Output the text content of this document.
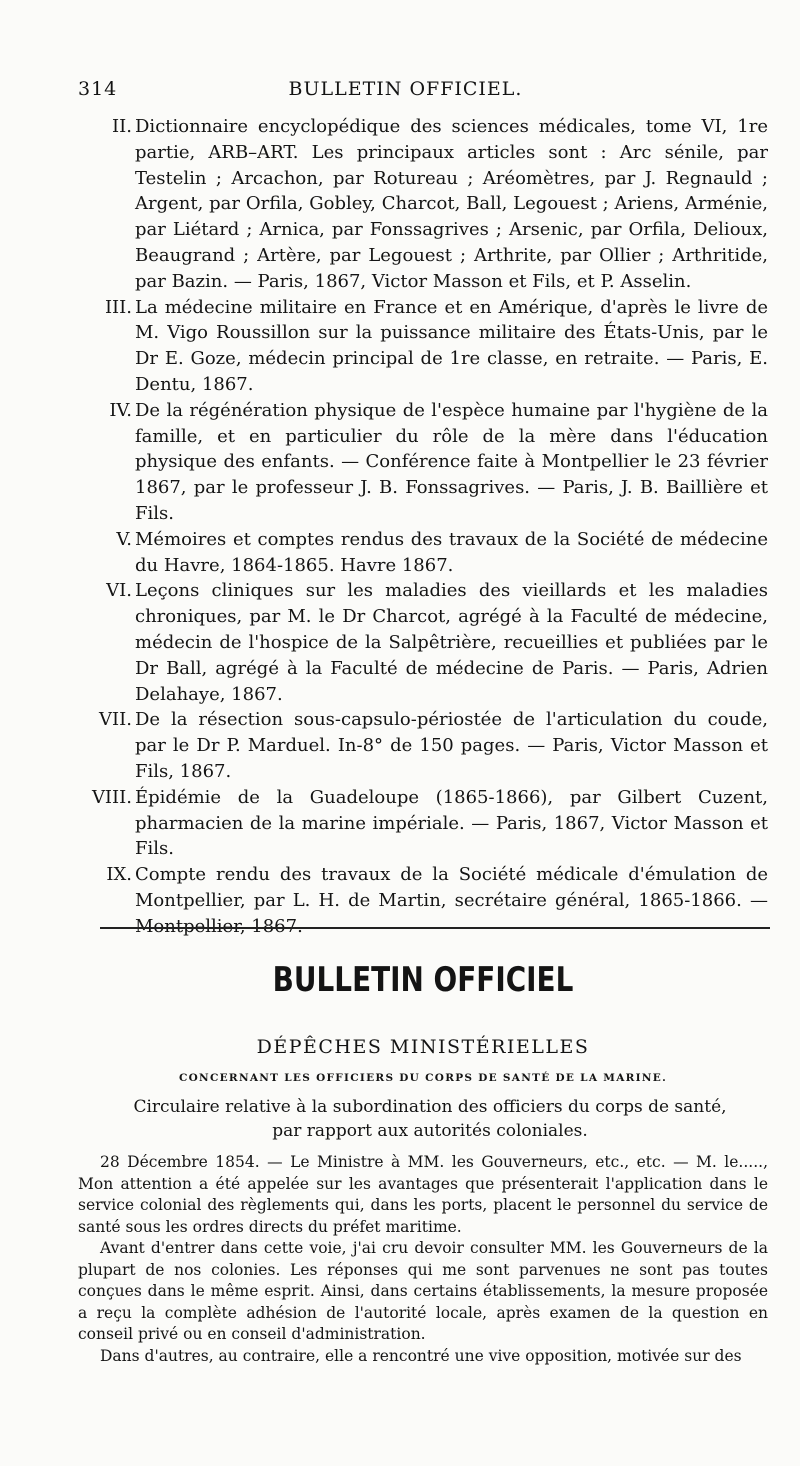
314	BULLETIN OFFICIEL.

II. Dictionnaire encyclopédique des sciences médicales, tome VI, 1re partie, ARB–ART. Les principaux articles sont : Arc sénile, par Testelin ; Arcachon, par Rotureau ; Aréomètres, par J. Regnauld ; Argent, par Orfila, Gobley, Charcot, Ball, Legouest ; Ariens, Arménie, par Liétard ; Arnica, par Fonssagrives ; Arsenic, par Orfila, Delioux, Beaugrand ; Artère, par Legouest ; Arthrite, par Ollier ; Arthritide, par Bazin. — Paris, 1867, Victor Masson et Fils, et P. Asselin.

III. La médecine militaire en France et en Amérique, d'après le livre de M. Vigo Roussillon sur la puissance militaire des États-Unis, par le Dr E. Goze, médecin principal de 1re classe, en retraite. — Paris, E. Dentu, 1867.

IV. De la régénération physique de l'espèce humaine par l'hygiène de la famille, et en particulier du rôle de la mère dans l'éducation physique des enfants. — Conférence faite à Montpellier le 23 février 1867, par le professeur J. B. Fonssagrives. — Paris, J. B. Baillière et Fils.

V. Mémoires et comptes rendus des travaux de la Société de médecine du Havre, 1864-1865. Havre 1867.

VI. Leçons cliniques sur les maladies des vieillards et les maladies chroniques, par M. le Dr Charcot, agrégé à la Faculté de médecine, médecin de l'hospice de la Salpêtrière, recueillies et publiées par le Dr Ball, agrégé à la Faculté de médecine de Paris. — Paris, Adrien Delahaye, 1867.

VII. De la résection sous-capsulo-périostée de l'articulation du coude, par le Dr P. Marduel. In-8° de 150 pages. — Paris, Victor Masson et Fils, 1867.

VIII. Épidémie de la Guadeloupe (1865-1866), par Gilbert Cuzent, pharmacien de la marine impériale. — Paris, 1867, Victor Masson et Fils.

IX. Compte rendu des travaux de la Société médicale d'émulation de Montpellier, par L. H. de Martin, secrétaire général, 1865-1866. —

BULLETIN OFFICIEL
DÉPÊCHES MINISTÉRIELLES
CONCERNANT LES OFFICIERS DU CORPS DE SANTÉ DE LA MARINE.
Circulaire relative à la subordination des officiers du corps de santé,
par rapport aux autorités coloniales.

28 Décembre 1854. — Le Ministre à MM. les Gouverneurs, etc., etc. — M. le....., Mon attention a été appelée sur les avantages que présenterait l'application dans le service colonial des règlements qui, dans les ports, placent le personnel du service de santé sous les ordres directs du préfet maritime.

Avant d'entrer dans cette voie, j'ai cru devoir consulter MM. les Gouverneurs de la plupart de nos colonies. Les réponses qui me sont parvenues ne sont pas toutes conçues dans le même esprit. Ainsi, dans certains établissements, la mesure proposée a reçu la complète adhésion de l'autorité locale, après examen de la question en conseil privé ou en conseil d'administration.

Dans d'autres, au contraire, elle a rencontré une vive opposition, motivée sur des
